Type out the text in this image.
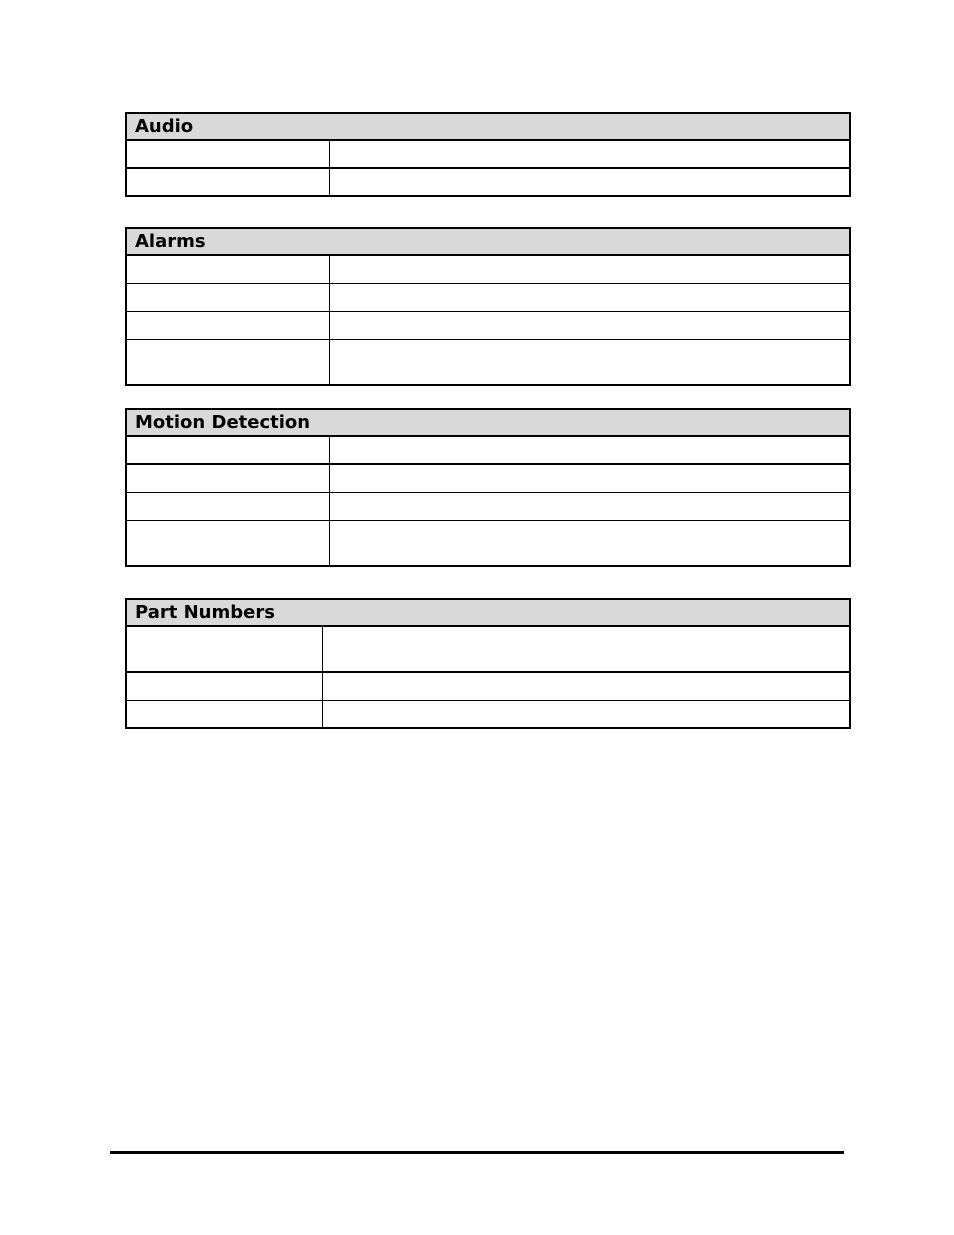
Audio	

Alarms	

Motion Detection	

Part Numbers	
